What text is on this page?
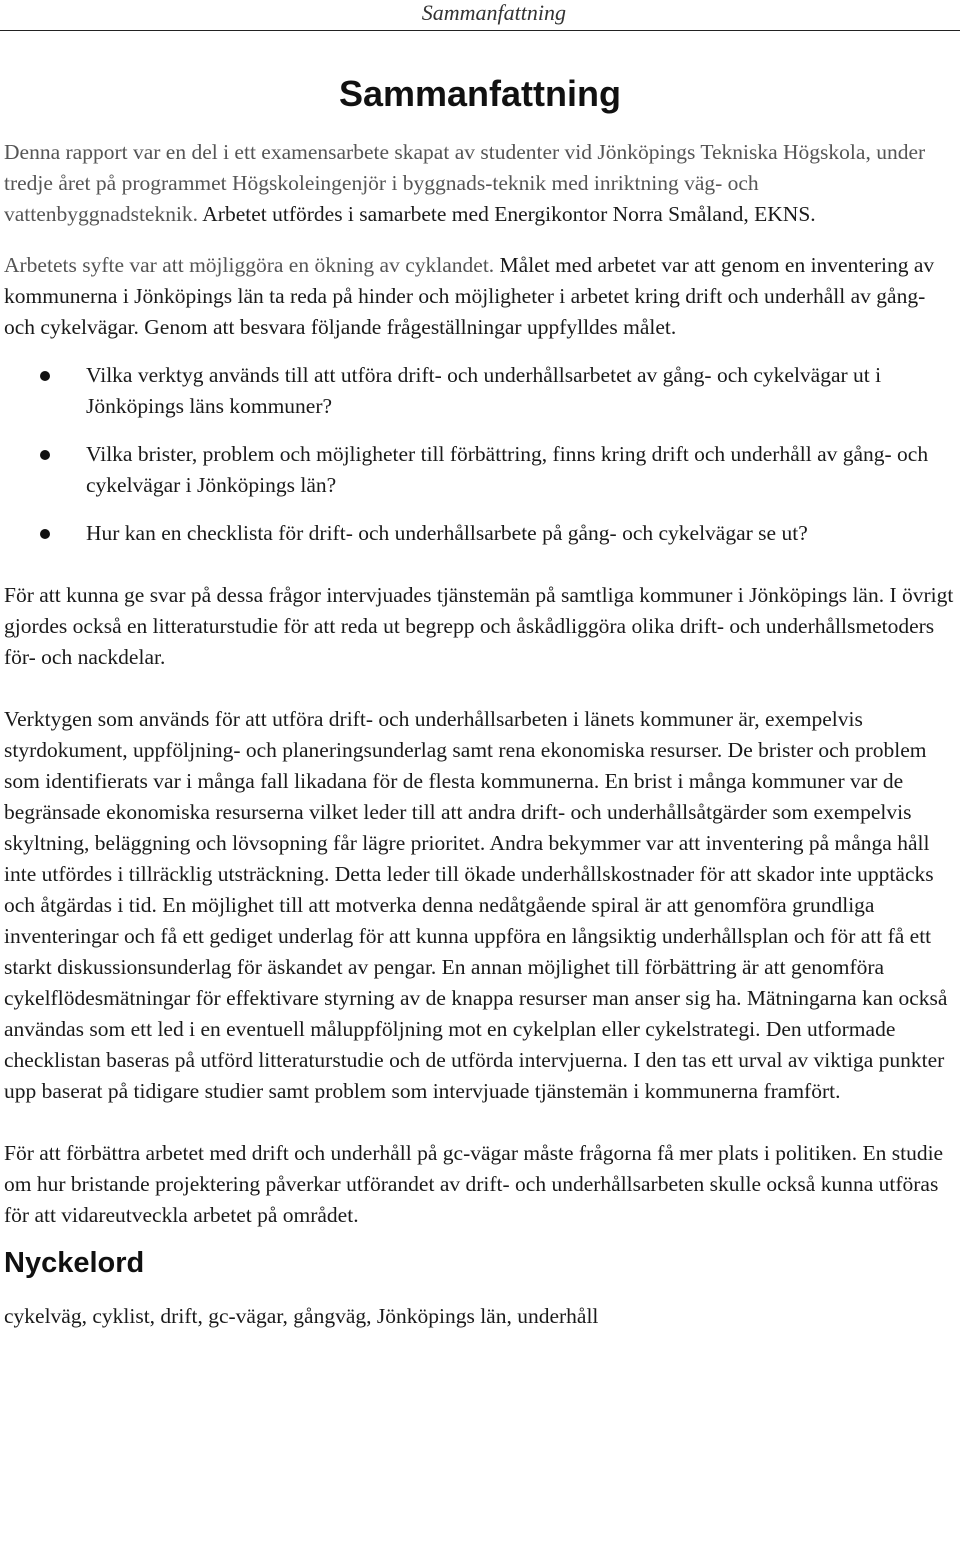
Sammanfattning
Sammanfattning

Denna rapport var en del i ett examensarbete skapat av studenter vid Jönköpings Tekniska Högskola, under tredje året på programmet Högskoleingenjör i byggnads-teknik med inriktning väg- och vattenbyggnadsteknik. Arbetet utfördes i samarbete med Energikontor Norra Småland, EKNS.

Arbetets syfte var att möjliggöra en ökning av cyklandet. Målet med arbetet var att genom en inventering av kommunerna i Jönköpings län ta reda på hinder och möjligheter i arbetet kring drift och underhåll av gång- och cykelvägar. Genom att besvara följande frågeställningar uppfylldes målet.

Vilka verktyg används till att utföra drift- och underhållsarbetet av gång- och cykelvägar ut i Jönköpings läns kommuner?
Vilka brister, problem och möjligheter till förbättring, finns kring drift och underhåll av gång- och cykelvägar i Jönköpings län?
Hur kan en checklista för drift- och underhållsarbete på gång- och cykelvägar se ut?

För att kunna ge svar på dessa frågor intervjuades tjänstemän på samtliga kommuner i Jönköpings län. I övrigt gjordes också en litteraturstudie för att reda ut begrepp och åskådliggöra olika drift- och underhållsmetoders för- och nackdelar.

Verktygen som används för att utföra drift- och underhållsarbeten i länets kommuner är, exempelvis styrdokument, uppföljning- och planeringsunderlag samt rena ekonomiska resurser. De brister och problem som identifierats var i många fall likadana för de flesta kommunerna. En brist i många kommuner var de begränsade ekonomiska resurserna vilket leder till att andra drift- och underhållsåtgärder som exempelvis skyltning, beläggning och lövsopning får lägre prioritet. Andra bekymmer var att inventering på många håll inte utfördes i tillräcklig utsträckning. Detta leder till ökade underhållskostnader för att skador inte upptäcks och åtgärdas i tid. En möjlighet till att motverka denna nedåtgående spiral är att genomföra grundliga inventeringar och få ett gediget underlag för att kunna uppföra en långsiktig underhållsplan och för att få ett starkt diskussionsunderlag för äskandet av pengar. En annan möjlighet till förbättring är att genomföra cykelflödesmätningar för effektivare styrning av de knappa resurser man anser sig ha. Mätningarna kan också användas som ett led i en eventuell måluppföljning mot en cykelplan eller cykelstrategi. Den utformade checklistan baseras på utförd litteraturstudie och de utförda intervjuerna. I den tas ett urval av viktiga punkter upp baserat på tidigare studier samt problem som intervjuade tjänstemän i kommunerna framfört.

För att förbättra arbetet med drift och underhåll på gc-vägar måste frågorna få mer plats i politiken. En studie om hur bristande projektering påverkar utförandet av drift- och underhållsarbeten skulle också kunna utföras för att vidareutveckla arbetet på området.

Nyckelord

cykelväg, cyklist, drift, gc-vägar, gångväg, Jönköpings län, underhåll
